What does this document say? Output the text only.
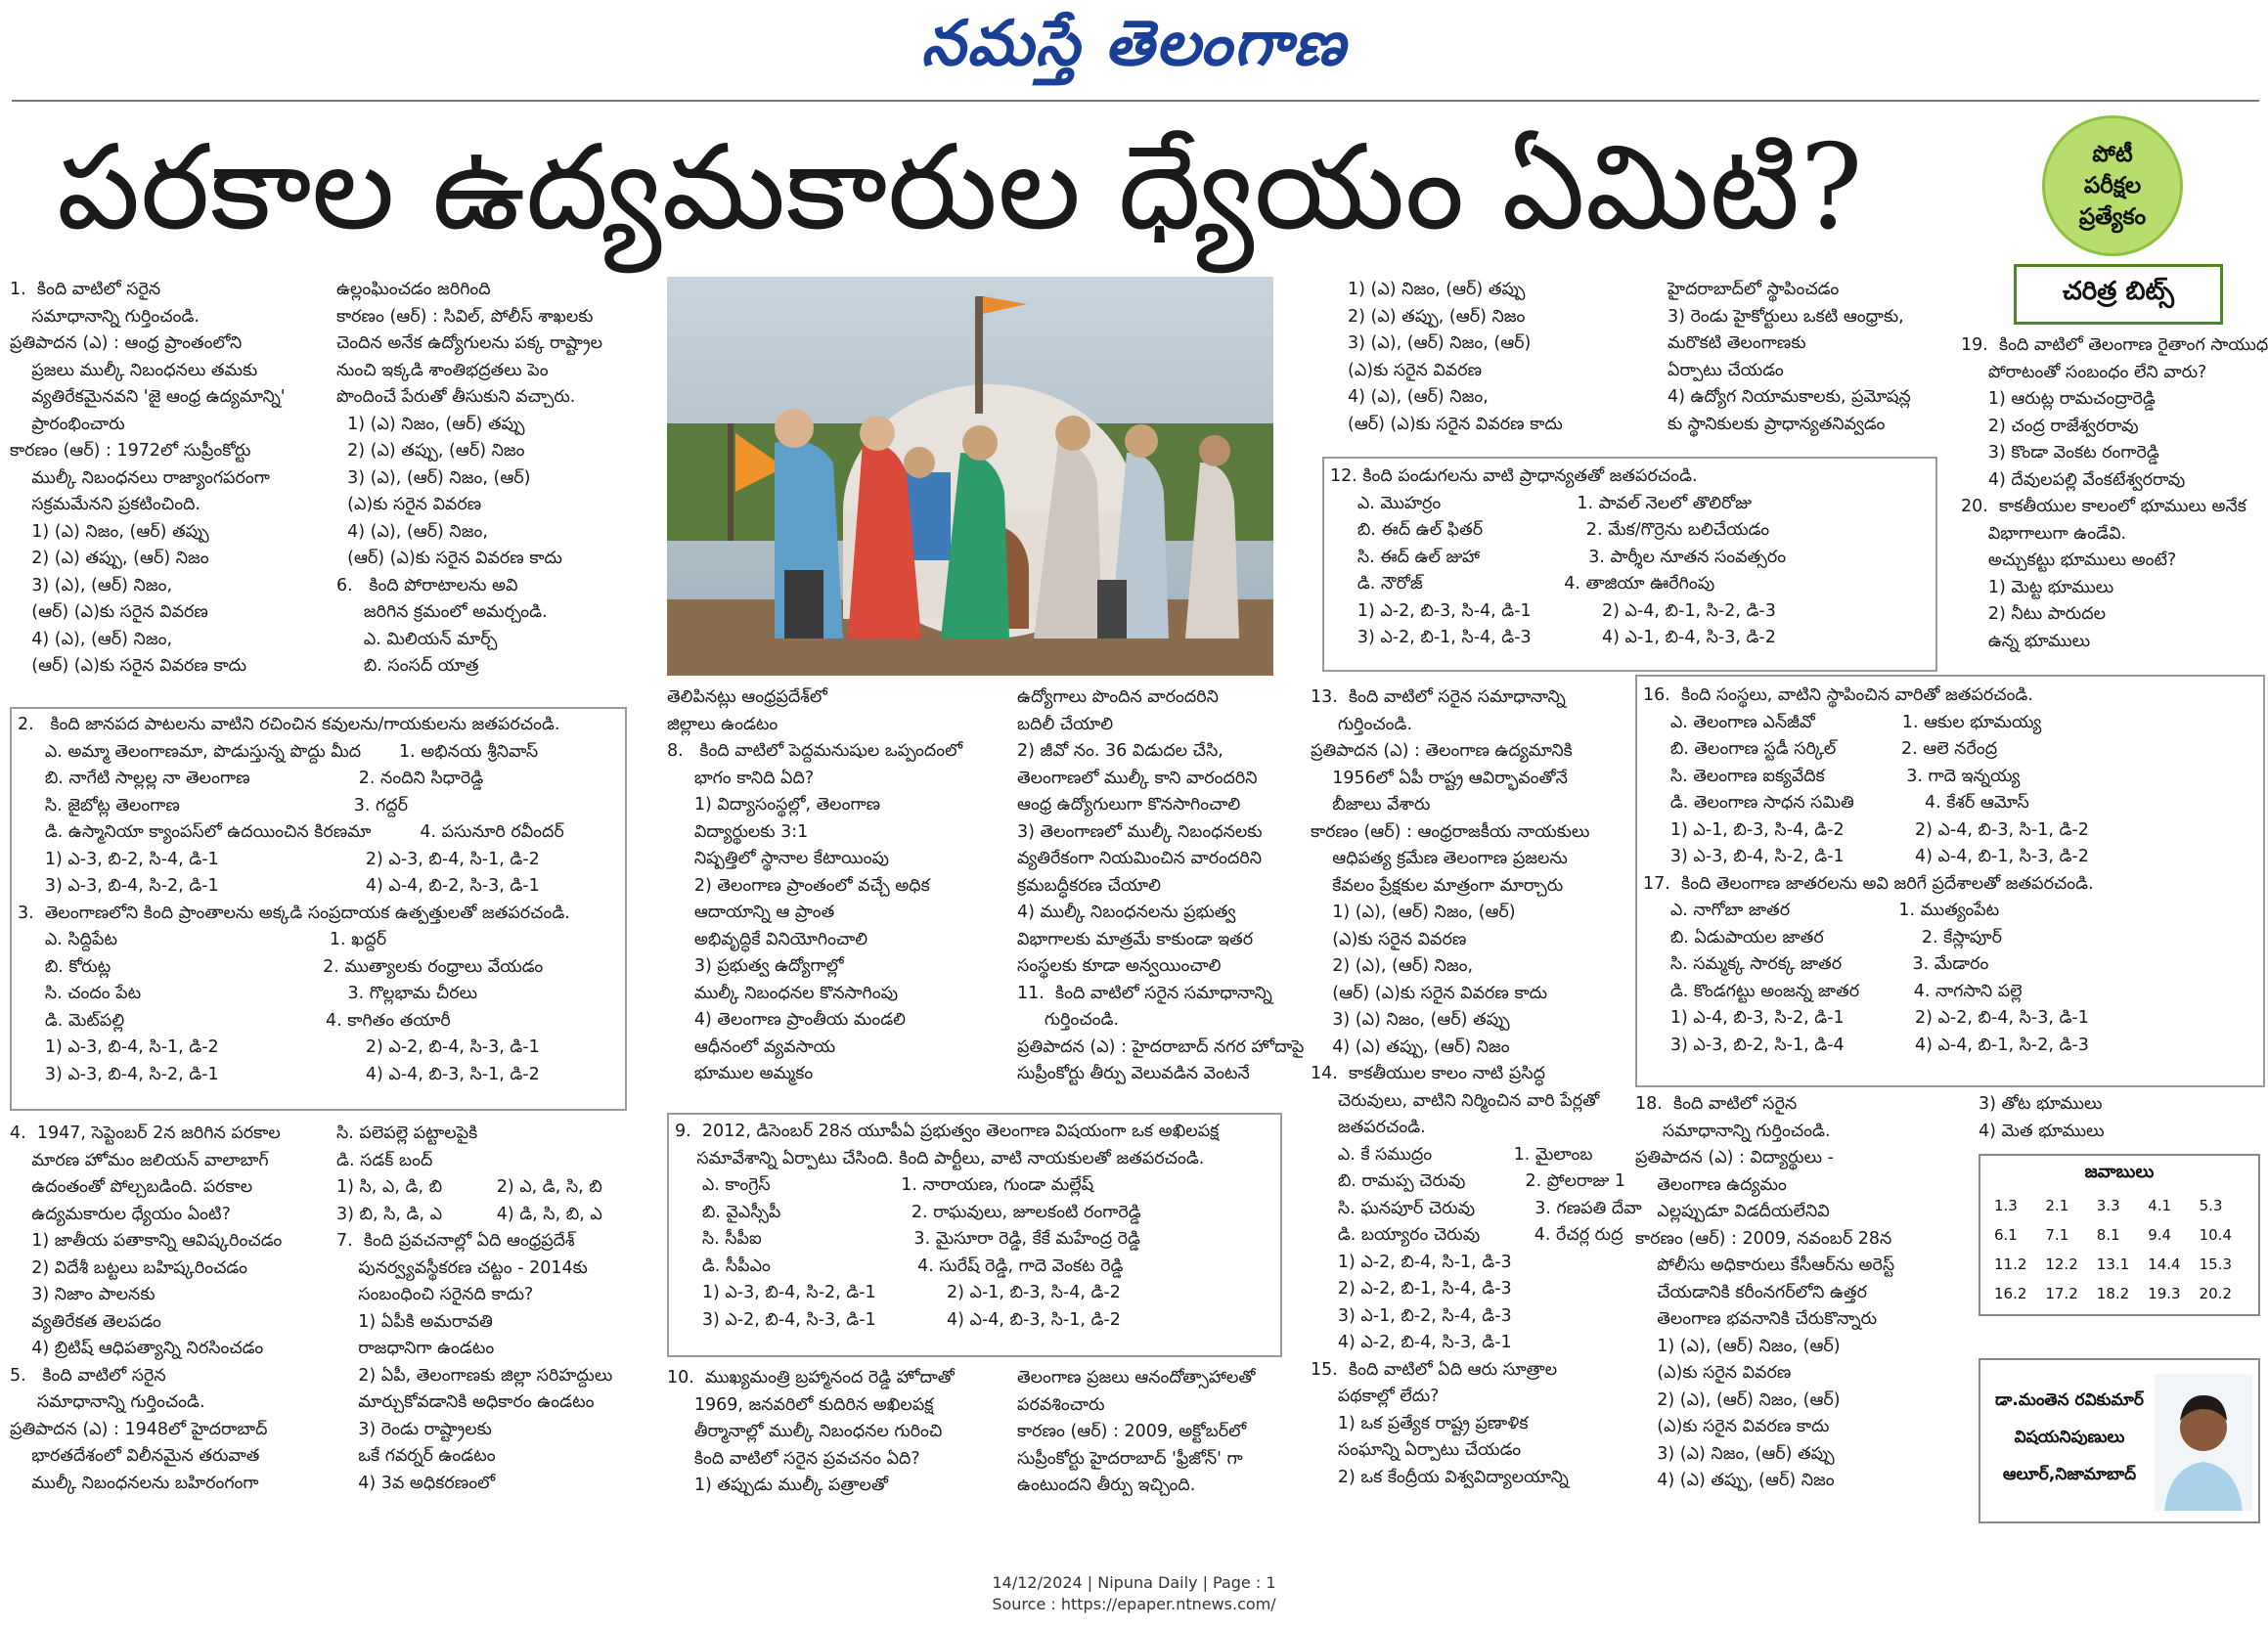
నమస్తే తెలంగాణ
పరకాల ఉద్యమకారుల ధ్యేయం ఏమిటి?	పోటీ
పరీక్షల
ప్రత్యేకం
చరిత్ర బిట్స్
1.  కింది వాటిలో సరైన
సమాధానాన్ని గుర్తించండి.
ప్రతిపాదన (ఎ) : ఆంధ్ర ప్రాంతంలోని
ప్రజలు ముల్కీ నిబంధనలు తమకు
వ్యతిరేకమైనవని 'జై ఆంధ్ర ఉద్యమాన్ని'
ప్రారంభించారు
కారణం (ఆర్) : 1972లో సుప్రీంకోర్టు
ముల్కీ నిబంధనలు రాజ్యాంగపరంగా
సక్రమమేనని ప్రకటించింది.
1) (ఎ) నిజం, (ఆర్) తప్పు
2) (ఎ) తప్పు, (ఆర్) నిజం
3) (ఎ), (ఆర్) నిజం,
(ఆర్) (ఎ)కు సరైన వివరణ
4) (ఎ), (ఆర్) నిజం,
(ఆర్) (ఎ)కు సరైన వివరణ కాదు
ఉల్లంఘించడం జరిగింది
కారణం (ఆర్) : సివిల్, పోలీస్ శాఖలకు
చెందిన అనేక ఉద్యోగులను పక్క రాష్ట్రాల
నుంచి ఇక్కడి శాంతిభద్రతలు పెం
పొందించే పేరుతో తీసుకుని వచ్చారు.
1) (ఎ) నిజం, (ఆర్) తప్పు
2) (ఎ) తప్పు, (ఆర్) నిజం
3) (ఎ), (ఆర్) నిజం, (ఆర్)
(ఎ)కు సరైన వివరణ
4) (ఎ), (ఆర్) నిజం,
(ఆర్) (ఎ)కు సరైన వివరణ కాదు
6.   కింది పోరాటాలను అవి
జరిగిన క్రమంలో అమర్చండి.
ఎ. మిలియన్ మార్చ్
బి. సంసద్ యాత్ర
2.   కింది జానపద పాటలను వాటిని రచించిన కవులను/గాయకులను జతపరచండి.
ఎ. అమ్మా తెలంగాణమా, పొడుస్తున్న పొద్దు మీద       1. అభినయ శ్రీనివాస్
బి. నాగేటి సాల్లల్ల నా తెలంగాణ                    2. నందిని సిధారెడ్డి
సి. జైబోట్ల తెలంగాణ                                3. గద్దర్
డి. ఉస్మానియా క్యాంపస్‌లో ఉదయించిన కిరణమా         4. పసునూరి రవీందర్
1) ఎ-3, బి-2, సి-4, డి-1                           2) ఎ-3, బి-4, సి-1, డి-2
3) ఎ-3, బి-4, సి-2, డి-1                           4) ఎ-4, బి-2, సి-3, డి-1
3.  తెలంగాణలోని కింది ప్రాంతాలను అక్కడి సంప్రదాయక ఉత్పత్తులతో జతపరచండి.
ఎ. సిద్దిపేట                                       1. ఖద్దర్
బి. కోరుట్ల                                       2. ముత్యాలకు రంధ్రాలు వేయడం
సి. చందం పేట                                      3. గొల్లభామ చీరలు
డి. మెట్‌పల్లి                                     4. కాగితం తయారీ
1) ఎ-3, బి-4, సి-1, డి-2                           2) ఎ-2, బి-4, సి-3, డి-1
3) ఎ-3, బి-4, సి-2, డి-1                           4) ఎ-4, బి-3, సి-1, డి-2
4.  1947, సెప్టెంబర్ 2న జరిగిన పరకాల
మారణ హోమం జలియన్ వాలాబాగ్
ఉదంతంతో పోల్చబడింది. పరకాల
ఉద్యమకారుల ధ్యేయం ఏంటి?
1) జాతీయ పతాకాన్ని ఆవిష్కరించడం
2) విదేశీ బట్టలు బహిష్కరించడం
3) నిజాం పాలనకు
వ్యతిరేకత తెలపడం
4) బ్రిటిష్ ఆధిపత్యాన్ని నిరసించడం
5.   కింది వాటిలో సరైన
సమాధానాన్ని గుర్తించండి.
ప్రతిపాదన (ఎ) : 1948లో హైదరాబాద్
భారతదేశంలో విలీనమైన తరువాత
ముల్కీ నిబంధనలను బహిరంగంగా
సి. పలెపల్లె పట్టాలపైకి
డి. సడక్ బంద్
1) సి, ఎ, డి, బి          2) ఎ, డి, సి, బి
3) బి, సి, డి, ఎ          4) డి, సి, బి, ఎ
7.  కింది ప్రవచనాల్లో ఏది ఆంధ్రప్రదేశ్
పునర్వ్యవస్థీకరణ చట్టం - 2014కు
సంబంధించి సరైనది కాదు?
1) ఏపీకి అమరావతి
రాజధానిగా ఉండటం
2) ఏపీ, తెలంగాణకు జిల్లా సరిహద్దులు
మార్చుకోవడానికి అధికారం ఉండటం
3) రెండు రాష్ట్రాలకు
ఒకే గవర్నర్ ఉండటం
4) 3వ అధికరణంలో
తెలిపినట్లు ఆంధ్రప్రదేశ్‌లో
జిల్లాలు ఉండటం
8.   కింది వాటిలో పెద్దమనుషుల ఒప్పందంలో
భాగం కానిది ఏది?
1) విద్యాసంస్థల్లో, తెలంగాణ
విద్యార్థులకు 3:1
నిష్పత్తిలో స్థానాల కేటాయింపు
2) తెలంగాణ ప్రాంతంలో వచ్చే అధిక
ఆదాయాన్ని ఆ ప్రాంత
అభివృద్ధికే వినియోగించాలి
3) ప్రభుత్వ ఉద్యోగాల్లో
ముల్కీ నిబంధనల కొనసాగింపు
4) తెలంగాణ ప్రాంతీయ మండలి
ఆధీనంలో వ్యవసాయ
భూముల అమ్మకం
ఉద్యోగాలు పొందిన వారందరిని
బదిలీ చేయాలి
2) జీవో నం. 36 విడుదల చేసి,
తెలంగాణలో ముల్కీ కాని వారందరిని
ఆంధ్ర ఉద్యోగులుగా కొనసాగించాలి
3) తెలంగాణలో ముల్కీ నిబంధనలకు
వ్యతిరేకంగా నియమించిన వారందరిని
క్రమబద్ధీకరణ చేయాలి
4) ముల్కీ నిబంధనలను ప్రభుత్వ
విభాగాలకు మాత్రమే కాకుండా ఇతర
సంస్థలకు కూడా అన్వయించాలి
11.  కింది వాటిలో సరైన సమాధానాన్ని
గుర్తించండి.
ప్రతిపాదన (ఎ) : హైదరాబాద్ నగర హోదాపై
సుప్రీంకోర్టు తీర్పు వెలువడిన వెంటనే
9.  2012, డిసెంబర్ 28న యూపీఏ ప్రభుత్వం తెలంగాణ విషయంగా ఒక అఖిలపక్ష
సమావేశాన్ని ఏర్పాటు చేసింది. కింది పార్టీలు, వాటి నాయకులతో జతపరచండి.
ఎ. కాంగ్రెస్                        1. నారాయణ, గుండా మల్లేష్
బి. వైఎస్సీపీ                        2. రాఘవులు, జూలకంటి రంగారెడ్డి
సి. సీపీఐ                            3. మైసూరా రెడ్డి, కేకే మహేంద్ర రెడ్డి
డి. సీపీఎం                           4. సురేష్ రెడ్డి, గాదె వెంకట రెడ్డి
1) ఎ-3, బి-4, సి-2, డి-1             2) ఎ-1, బి-3, సి-4, డి-2
3) ఎ-2, బి-4, సి-3, డి-1             4) ఎ-4, బి-3, సి-1, డి-2
10.  ముఖ్యమంత్రి బ్రహ్మానంద రెడ్డి హోదాతో
1969, జనవరిలో కుదిరిన అఖిలపక్ష
తీర్మానాల్లో ముల్కీ నిబంధనల గురించి
కింది వాటిలో సరైన ప్రవచనం ఏది?
1) తప్పుడు ముల్కీ పత్రాలతో
తెలంగాణ ప్రజలు ఆనందోత్సాహాలతో
పరవశించారు
కారణం (ఆర్) : 2009, అక్టోబర్‌లో
సుప్రీంకోర్టు హైదరాబాద్ 'ఫ్రీజోన్' గా
ఉంటుందని తీర్పు ఇచ్చింది.
1) (ఎ) నిజం, (ఆర్) తప్పు
2) (ఎ) తప్పు, (ఆర్) నిజం
3) (ఎ), (ఆర్) నిజం, (ఆర్)
(ఎ)కు సరైన వివరణ
4) (ఎ), (ఆర్) నిజం,
(ఆర్) (ఎ)కు సరైన వివరణ కాదు
హైదరాబాద్‌లో స్థాపించడం
3) రెండు హైకోర్టులు ఒకటి ఆంధ్రాకు,
మరొకటి తెలంగాణకు
ఏర్పాటు చేయడం
4) ఉద్యోగ నియామకాలకు, ప్రమోషన్ల
కు స్థానికులకు ప్రాధాన్యతనివ్వడం
12. కింది పండుగలను వాటి ప్రాధాన్యతతో జతపరచండి.
ఎ. మొహర్రం                         1. పావల్ నెలలో తొలిరోజు
బి. ఈద్ ఉల్ ఫితర్                   2. మేక/గొర్రెను బలిచేయడం
సి. ఈద్ ఉల్ జుహా                    3. పార్శీల నూతన సంవత్సరం
డి. నౌరోజ్                          4. తాజియా ఊరేగింపు
1) ఎ-2, బి-3, సి-4, డి-1             2) ఎ-4, బి-1, సి-2, డి-3
3) ఎ-2, బి-1, సి-4, డి-3             4) ఎ-1, బి-4, సి-3, డి-2
13.  కింది వాటిలో సరైన సమాధానాన్ని
గుర్తించండి.
ప్రతిపాదన (ఎ) : తెలంగాణ ఉద్యమానికి
1956లో ఏపీ రాష్ట్ర ఆవిర్భావంతోనే
బీజాలు వేశారు
కారణం (ఆర్) : ఆంధ్రరాజకీయ నాయకులు
ఆధిపత్య క్రమేణ తెలంగాణ ప్రజలను
కేవలం ప్రేక్షకుల మాత్రంగా మార్చారు
1) (ఎ), (ఆర్) నిజం, (ఆర్)
(ఎ)కు సరైన వివరణ
2) (ఎ), (ఆర్) నిజం,
(ఆర్) (ఎ)కు సరైన వివరణ కాదు
3) (ఎ) నిజం, (ఆర్) తప్పు
4) (ఎ) తప్పు, (ఆర్) నిజం
14.  కాకతీయుల కాలం నాటి ప్రసిద్ధ
చెరువులు, వాటిని నిర్మించిన వారి పేర్లతో
జతపరచండి.
ఎ. కే సముద్రం               1. మైలాంబ
బి. రామప్ప చెరువు           2. ప్రోలరాజు 1
సి. ఘనపూర్ చెరువు           3. గణపతి దేవా
డి. బయ్యారం చెరువు          4. రేచర్ల రుద్ర
1) ఎ-2, బి-4, సి-1, డి-3
2) ఎ-2, బి-1, సి-4, డి-3
3) ఎ-1, బి-2, సి-4, డి-3
4) ఎ-2, బి-4, సి-3, డి-1
15.  కింది వాటిలో ఏది ఆరు సూత్రాల
పథకాల్లో లేదు?
1) ఒక ప్రత్యేక రాష్ట్ర ప్రణాళిక
సంఘాన్ని ఏర్పాటు చేయడం
2) ఒక కేంద్రీయ విశ్వవిద్యాలయాన్ని
19.  కింది వాటిలో తెలంగాణ రైతాంగ సాయుధ
పోరాటంతో సంబంధం లేని వారు?
1) ఆరుట్ల రామచంద్రారెడ్డి
2) చంద్ర రాజేశ్వరరావు
3) కొండా వెంకట రంగారెడ్డి
4) దేవులపల్లి వేంకటేశ్వరరావు
20.  కాకతీయుల కాలంలో భూములు అనేక
విభాగాలుగా ఉండేవి.
అచ్చుకట్టు భూములు అంటే?
1) మెట్ట భూములు
2) నీటు పారుదల
ఉన్న భూములు
16.  కింది సంస్థలు, వాటిని స్థాపించిన వారితో జతపరచండి.
ఎ. తెలంగాణ ఎన్‌జీవో                1. ఆకుల భూమయ్య
బి. తెలంగాణ స్టడీ సర్కిల్            2. ఆలె నరేంద్ర
సి. తెలంగాణ ఐక్యవేదిక               3. గాదె ఇన్నయ్య
డి. తెలంగాణ సాధన సమితి             4. కేశర్ ఆమోస్
1) ఎ-1, బి-3, సి-4, డి-2             2) ఎ-4, బి-3, సి-1, డి-2
3) ఎ-3, బి-4, సి-2, డి-1             4) ఎ-4, బి-1, సి-3, డి-2
17.  కింది తెలంగాణ జాతరలను అవి జరిగే ప్రదేశాలతో జతపరచండి.
ఎ. నాగోబా జాతర                    1. ముత్యంపేట
బి. ఏడుపాయల జాతర                  2. కేస్లాపూర్
సి. సమ్మక్క సారక్క జాతర             3. మేడారం
డి. కొండగట్టు అంజన్న జాతర          4. నాగసాని పల్లె
1) ఎ-4, బి-3, సి-2, డి-1             2) ఎ-2, బి-4, సి-3, డి-1
3) ఎ-3, బి-2, సి-1, డి-4             4) ఎ-4, బి-1, సి-2, డి-3
18.  కింది వాటిలో సరైన
సమాధానాన్ని గుర్తించండి.
ప్రతిపాదన (ఎ) : విద్యార్థులు -
తెలంగాణ ఉద్యమం
ఎల్లప్పుడూ విడదీయలేనివి
కారణం (ఆర్) : 2009, నవంబర్ 28న
పోలీసు అధికారులు కేసీఆర్‌ను అరెస్ట్
చేయడానికి కరీంనగర్‌లోని ఉత్తర
తెలంగాణ భవనానికి చేరుకొన్నారు
1) (ఎ), (ఆర్) నిజం, (ఆర్)
(ఎ)కు సరైన వివరణ
2) (ఎ), (ఆర్) నిజం, (ఆర్)
(ఎ)కు సరైన వివరణ కాదు
3) (ఎ) నిజం, (ఆర్) తప్పు
4) (ఎ) తప్పు, (ఆర్) నిజం
3) తోట భూములు
4) మెత భూములు
జవాబులు
1.3	2.1	3.3	4.1	5.3
6.1	7.1	8.1	9.4	10.4
11.2	12.2	13.1	14.4	15.3
16.2	17.2	18.2	19.3	20.2
డా.మంతెన రవికుమార్
విషయనిపుణులు
ఆలూర్,నిజామాబాద్
14/12/2024 | Nipuna Daily | Page : 1
Source : https://epaper.ntnews.com/
